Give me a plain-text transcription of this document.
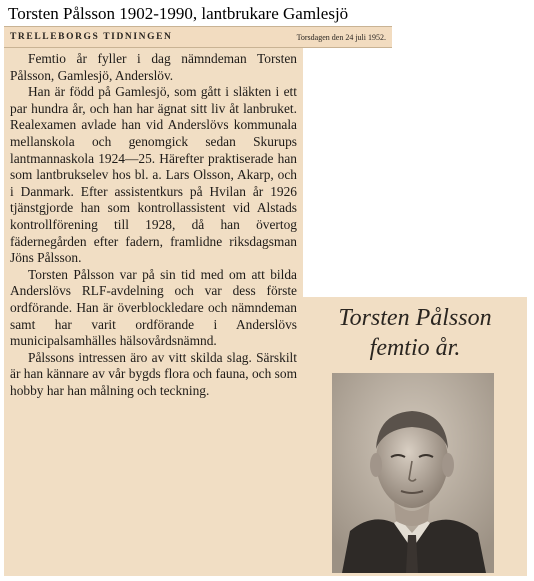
Torsten Pålsson 1902-1990, lantbrukare Gamlesjö
TRELLEBORGS TIDNINGEN	Torsdagen den 24 juli 1952.

Femtio år fyller i dag nämndeman Torsten Pålsson, Gamlesjö, Anderslöv.

Han är född på Gamlesjö, som gått i släkten i ett par hundra år, och han har ägnat sitt liv åt lanbruket. Realexamen avlade han vid Anderslövs kommunala mellanskola och genomgick sedan Skurups lantmannaskola 1924—25. Härefter praktiserade han som lantbrukselev hos bl. a. Lars Olsson, Akarp, och i Danmark. Efter assistentkurs på Hvilan år 1926 tjänstgjorde han som kontrollassistent vid Alstads kontrollförening till 1928, då han övertog fädernegården efter fadern, framlidne riksdagsman Jöns Pålsson.

Torsten Pålsson var på sin tid med om att bilda Anderslövs RLF-avdelning och var dess förste ordförande. Han är överblockledare och nämndeman samt har varit ordförande i Anderslövs municipalsamhälles hälsovårdsnämnd.

Pålssons intressen äro av vitt skilda slag. Särskilt är han kännare av vår bygds flora och fauna, och som hobby har han målning och teckning.

Torsten Pålsson

femtio år.
